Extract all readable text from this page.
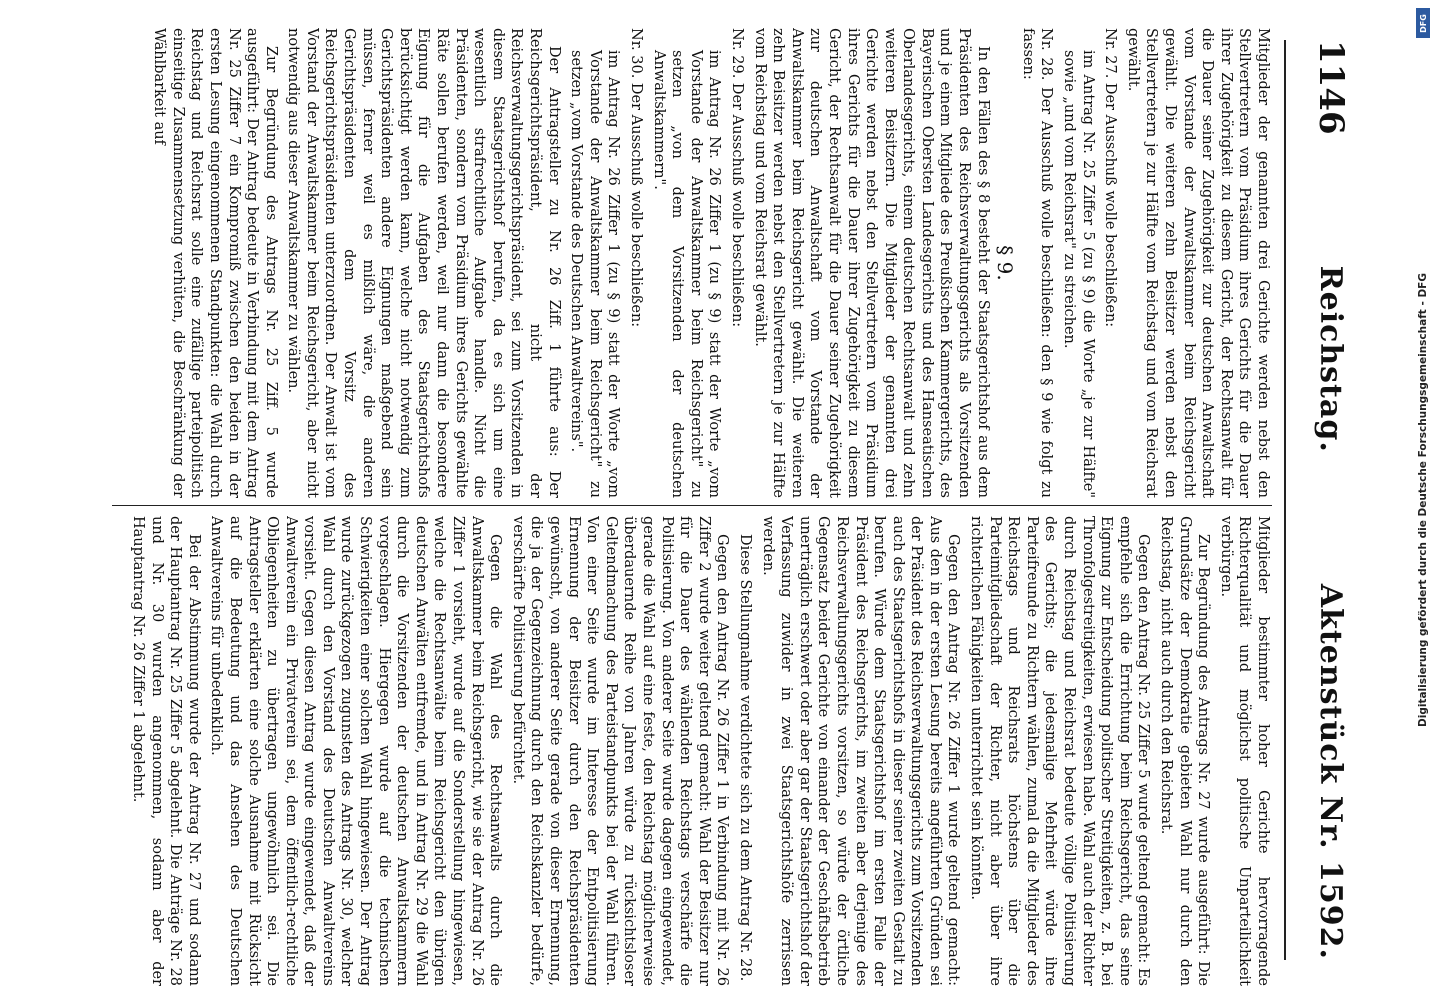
1146
Reichstag.
Aktenstück Nr. 1592.

Mitglieder der genannten drei Gerichte werden nebst den Stellvertretern vom Präsidium ihres Gerichts für die Dauer ihrer Zugehörigkeit zu diesem Gericht, der Rechtsanwalt für die Dauer seiner Zugehörigkeit zur deutschen Anwaltschaft vom Vorstande der Anwaltskammer beim Reichsgericht gewählt. Die weiteren zehn Beisitzer werden nebst den Stellvertretern je zur Hälfte vom Reichstag und vom Reichsrat gewählt.

Nr. 27. Der Ausschuß wolle beschließen:

im Antrag Nr. 25 Ziffer 5 (zu § 9) die Worte „je zur Hälfte" sowie „und vom Reichsrat" zu streichen.

Nr. 28. Der Ausschuß wolle beschließen: den § 9 wie folgt zu fassen:

§ 9.

In den Fällen des § 8 besteht der Staatsgerichtshof aus dem Präsidenten des Reichsverwaltungsgerichts als Vorsitzenden und je einem Mitgliede des Preußischen Kammergerichts, des Bayerischen Obersten Landesgerichts und des Hanseatischen Oberlandesgerichts, einem deutschen Rechtsanwalt und zehn weiteren Beisitzern. Die Mitglieder der genannten drei Gerichte werden nebst den Stellvertretern vom Präsidium ihres Gerichts für die Dauer ihrer Zugehörigkeit zu diesem Gericht, der Rechtsanwalt für die Dauer seiner Zugehörigkeit zur deutschen Anwaltschaft vom Vorstande der Anwaltskammer beim Reichsgericht gewählt. Die weiteren zehn Beisitzer werden nebst den Stellvertretern je zur Hälfte vom Reichstag und vom Reichsrat gewählt.

Nr. 29. Der Ausschuß wolle beschließen:

im Antrag Nr. 26 Ziffer 1 (zu § 9) statt der Worte „vom Vorstande der Anwaltskammer beim Reichsgericht" zu setzen „von dem Vorsitzenden der deutschen Anwaltskammern".

Nr. 30. Der Ausschuß wolle beschließen:

im Antrag Nr. 26 Ziffer 1 (zu § 9) statt der Worte „vom Vorstande der Anwaltskammer beim Reichsgericht" zu setzen „vom Vorstande des Deutschen Anwaltvereins".

Der Antragsteller zu Nr. 26 Ziff. 1 führte aus: Der Reichsgerichtspräsident, nicht der Reichsverwaltungsgerichtspräsident, sei zum Vorsitzenden in diesem Staatsgerichtshof berufen, da es sich um eine wesentlich strafrechtliche Aufgabe handle. Nicht die Präsidenten, sondern vom Präsidium ihres Gerichts gewählte Räte sollen berufen werden, weil nur dann die besondere Eignung für die Aufgaben des Staatsgerichtshofs berücksichtigt werden kann, welche nicht notwendig zum Gerichtspräsidenten andere Eignungen maßgebend sein müssen, ferner weil es mißlich wäre, die anderen Gerichtspräsidenten dem Vorsitz des Reichsgerichtspräsidenten unterzuordnen. Der Anwalt ist vom Vorstand der Anwaltskammer beim Reichsgericht, aber nicht notwendig aus dieser Anwaltskammer zu wählen.

Zur Begründung des Antrags Nr. 25 Ziff. 5 wurde ausgeführt: Der Antrag bedeute in Verbindung mit dem Antrag Nr. 25 Ziffer 7 ein Kompromiß zwischen den beiden in der ersten Lesung eingenommenen Standpunkten: die Wahl durch Reichstag und Reichsrat solle eine zufällige parteipolitisch einseitige Zusammensetzung verhüten, die Beschränkung der Wählbarkeit auf

Mitglieder bestimmter hoher Gerichte hervorragende Richterqualität und möglichst politische Unparteilichkeit verbürgen.

Zur Begründung des Antrags Nr. 27 wurde ausgeführt: Die Grundsätze der Demokratie gebieten Wahl nur durch den Reichstag, nicht auch durch den Reichsrat.

Gegen den Antrag Nr. 25 Ziffer 5 wurde geltend gemacht: Es empfehle sich die Errichtung beim Reichsgericht, das seine Eignung zur Entscheidung politischer Streitigkeiten, z. B. bei Thronfolgestreitigkeiten, erwiesen habe. Wahl auch der Richter durch Reichstag und Reichsrat bedeute völlige Politisierung des Gerichts; die jedesmalige Mehrheit würde ihre Parteifreunde zu Richtern wählen, zumal da die Mitglieder des Reichstags und Reichsrats höchstens über die Parteimitgliedschaft der Richter, nicht aber über ihre richterlichen Fähigkeiten unterrichtet sein könnten.

Gegen den Antrag Nr. 26 Ziffer 1 wurde geltend gemacht: Aus den in der ersten Lesung bereits angeführten Gründen sei der Präsident des Reichsverwaltungsgerichts zum Vorsitzenden auch des Staatsgerichtshofs in dieser seiner zweiten Gestalt zu berufen. Würde dem Staatsgerichtshof im ersten Falle der Präsident des Reichsgerichts, im zweiten aber derjenige des Reichsverwaltungsgerichts vorsitzen, so würde der örtliche Gegensatz beider Gerichte von einander der Geschäftsbetrieb unerträglich erschwert oder aber gar der Staatsgerichtshof der Verfassung zuwider in zwei Staatsgerichtshöfe zerrissen werden.

Diese Stellungnahme verdichtete sich zu dem Antrag Nr. 28.

Gegen den Antrag Nr. 26 Ziffer 1 in Verbindung mit Nr. 26 Ziffer 2 wurde weiter geltend gemacht: Wahl der Beisitzer nur für die Dauer des wählenden Reichstags verschärfe die Politisierung. Von anderer Seite wurde dagegen eingewendet, gerade die Wahl auf eine feste, den Reichstag möglicherweise überdauernde Reihe von Jahren würde zu rücksichtsloser Geltendmachung des Parteistandpunkts bei der Wahl führen. Von einer Seite wurde im Interesse der Entpolitisierung Ernennung der Beisitzer durch den Reichspräsidenten gewünscht, von anderer Seite gerade von dieser Ernennung, die ja der Gegenzeichnung durch den Reichskanzler bedürfe, verschärfte Politisierung befürchtet.

Gegen die Wahl des Rechtsanwalts durch die Anwaltskammer beim Reichsgericht, wie sie der Antrag Nr. 26 Ziffer 1 vorsieht, wurde auf die Sonderstellung hingewiesen, welche die Rechtsanwälte beim Reichsgericht den übrigen deutschen Anwälten entfremde, und in Antrag Nr. 29 die Wahl durch die Vorsitzenden der deutschen Anwaltskammern vorgeschlagen. Hiergegen wurde auf die technischen Schwierigkeiten einer solchen Wahl hingewiesen. Der Antrag wurde zurückgezogen zugunsten des Antrags Nr. 30, welcher Wahl durch den Vorstand des Deutschen Anwaltvereins vorsieht. Gegen diesen Antrag wurde eingewendet, daß der Anwaltverein ein Privatverein sei, dem öffentlich-rechtliche Obliegenheiten zu übertragen ungewöhnlich sei. Die Antragsteller erklärten eine solche Ausnahme mit Rücksicht auf die Bedeutung und das Ansehen des Deutschen Anwaltvereins für unbedenklich.

Bei der Abstimmung wurde der Antrag Nr. 27 und sodann der Hauptantrag Nr. 25 Ziffer 5 abgelehnt. Die Anträge Nr. 28 und Nr. 30 wurden angenommen, sodann aber der Hauptantrag Nr. 26 Ziffer 1 abgelehnt.

DFG
Digitalisierung gefördert durch die Deutsche Forschungsgemeinschaft - DFG
